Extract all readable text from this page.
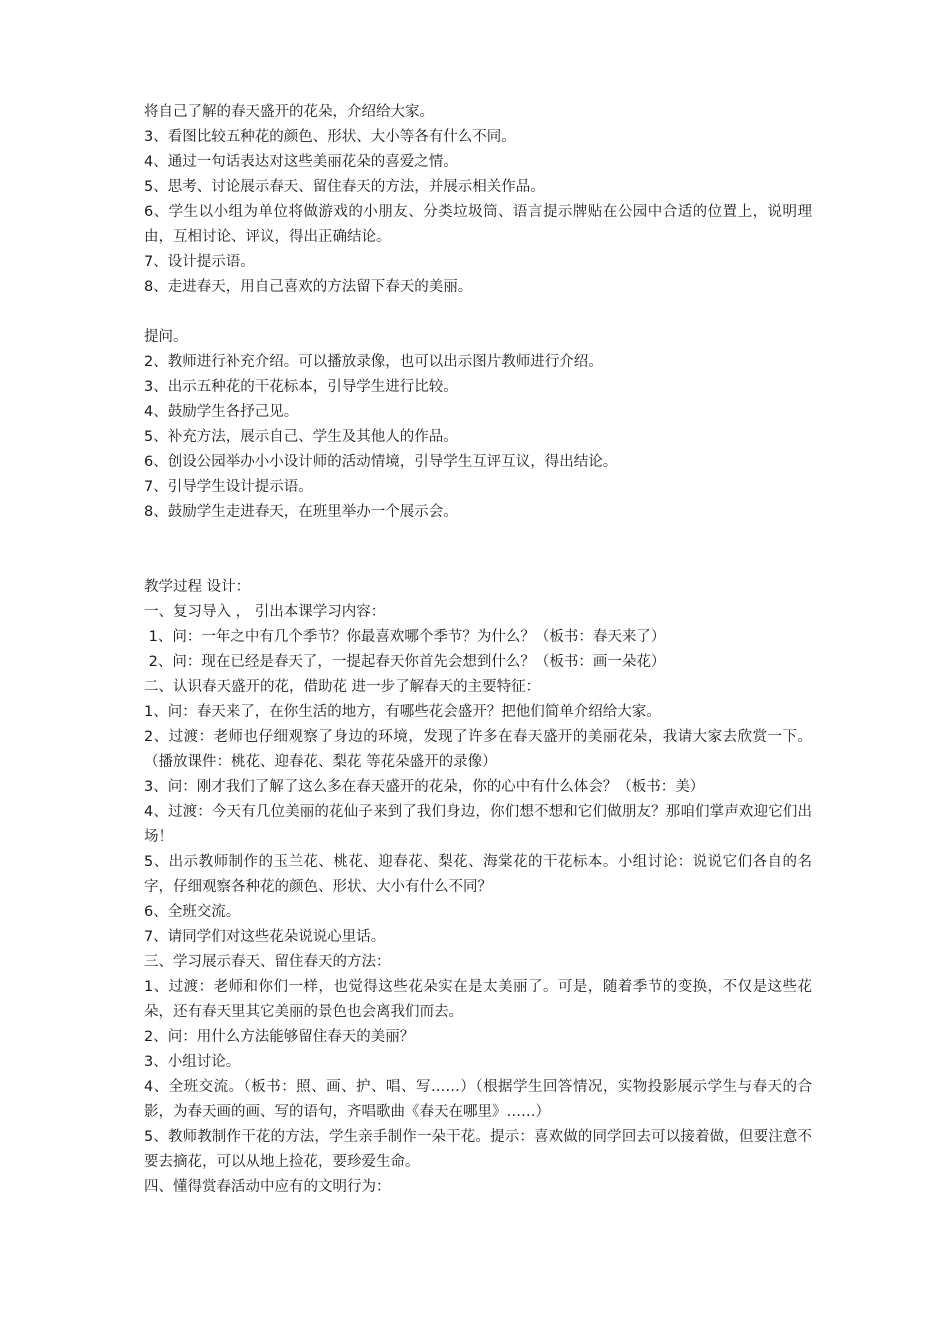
将自己了解的春天盛开的花朵，介绍给大家。
3、看图比较五种花的颜色、形状、大小等各有什么不同。
4、通过一句话表达对这些美丽花朵的喜爱之情。
5、思考、讨论展示春天、留住春天的方法，并展示相关作品。
6、学生以小组为单位将做游戏的小朋友、分类垃圾筒、语言提示牌贴在公园中合适的位置上，说明理由，互相讨论、评议，得出正确结论。
7、设计提示语。
8、走进春天，用自己喜欢的方法留下春天的美丽。
提问。
2、教师进行补充介绍。可以播放录像，也可以出示图片教师进行介绍。
3、出示五种花的干花标本，引导学生进行比较。
4、鼓励学生各抒己见。
5、补充方法，展示自己、学生及其他人的作品。
6、创设公园举办小小设计师的活动情境，引导学生互评互议，得出结论。
7、引导学生设计提示语。
8、鼓励学生走进春天，在班里举办一个展示会。
教学过程 设计：
一、复习导入 ， 引出本课学习内容：
1、问：一年之中有几个季节？你最喜欢哪个季节？为什么？（板书：春天来了）
2、问：现在已经是春天了，一提起春天你首先会想到什么？（板书：画一朵花）
二、认识春天盛开的花，借助花 进一步了解春天的主要特征：
1、问：春天来了，在你生活的地方，有哪些花会盛开？把他们简单介绍给大家。
2、过渡：老师也仔细观察了身边的环境，发现了许多在春天盛开的美丽花朵，我请大家去欣赏一下。（播放课件：桃花、迎春花、梨花 等花朵盛开的录像）
3、问：刚才我们了解了这么多在春天盛开的花朵，你的心中有什么体会？（板书：美）
4、过渡：今天有几位美丽的花仙子来到了我们身边，你们想不想和它们做朋友？那咱们掌声欢迎它们出场！
5、出示教师制作的玉兰花、桃花、迎春花、梨花、海棠花的干花标本。小组讨论：说说它们各自的名字，仔细观察各种花的颜色、形状、大小有什么不同？
6、全班交流。
7、请同学们对这些花朵说说心里话。
三、学习展示春天、留住春天的方法：
1、过渡：老师和你们一样，也觉得这些花朵实在是太美丽了。可是，随着季节的变换，不仅是这些花朵，还有春天里其它美丽的景色也会离我们而去。
2、问：用什么方法能够留住春天的美丽？
3、小组讨论。
4、全班交流。（板书：照、画、护、唱、写……）（根据学生回答情况，实物投影展示学生与春天的合影，为春天画的画、写的语句，齐唱歌曲《春天在哪里》……）
5、教师教制作干花的方法，学生亲手制作一朵干花。提示：喜欢做的同学回去可以接着做，但要注意不要去摘花，可以从地上捡花，要珍爱生命。
四、懂得赏春活动中应有的文明行为：
